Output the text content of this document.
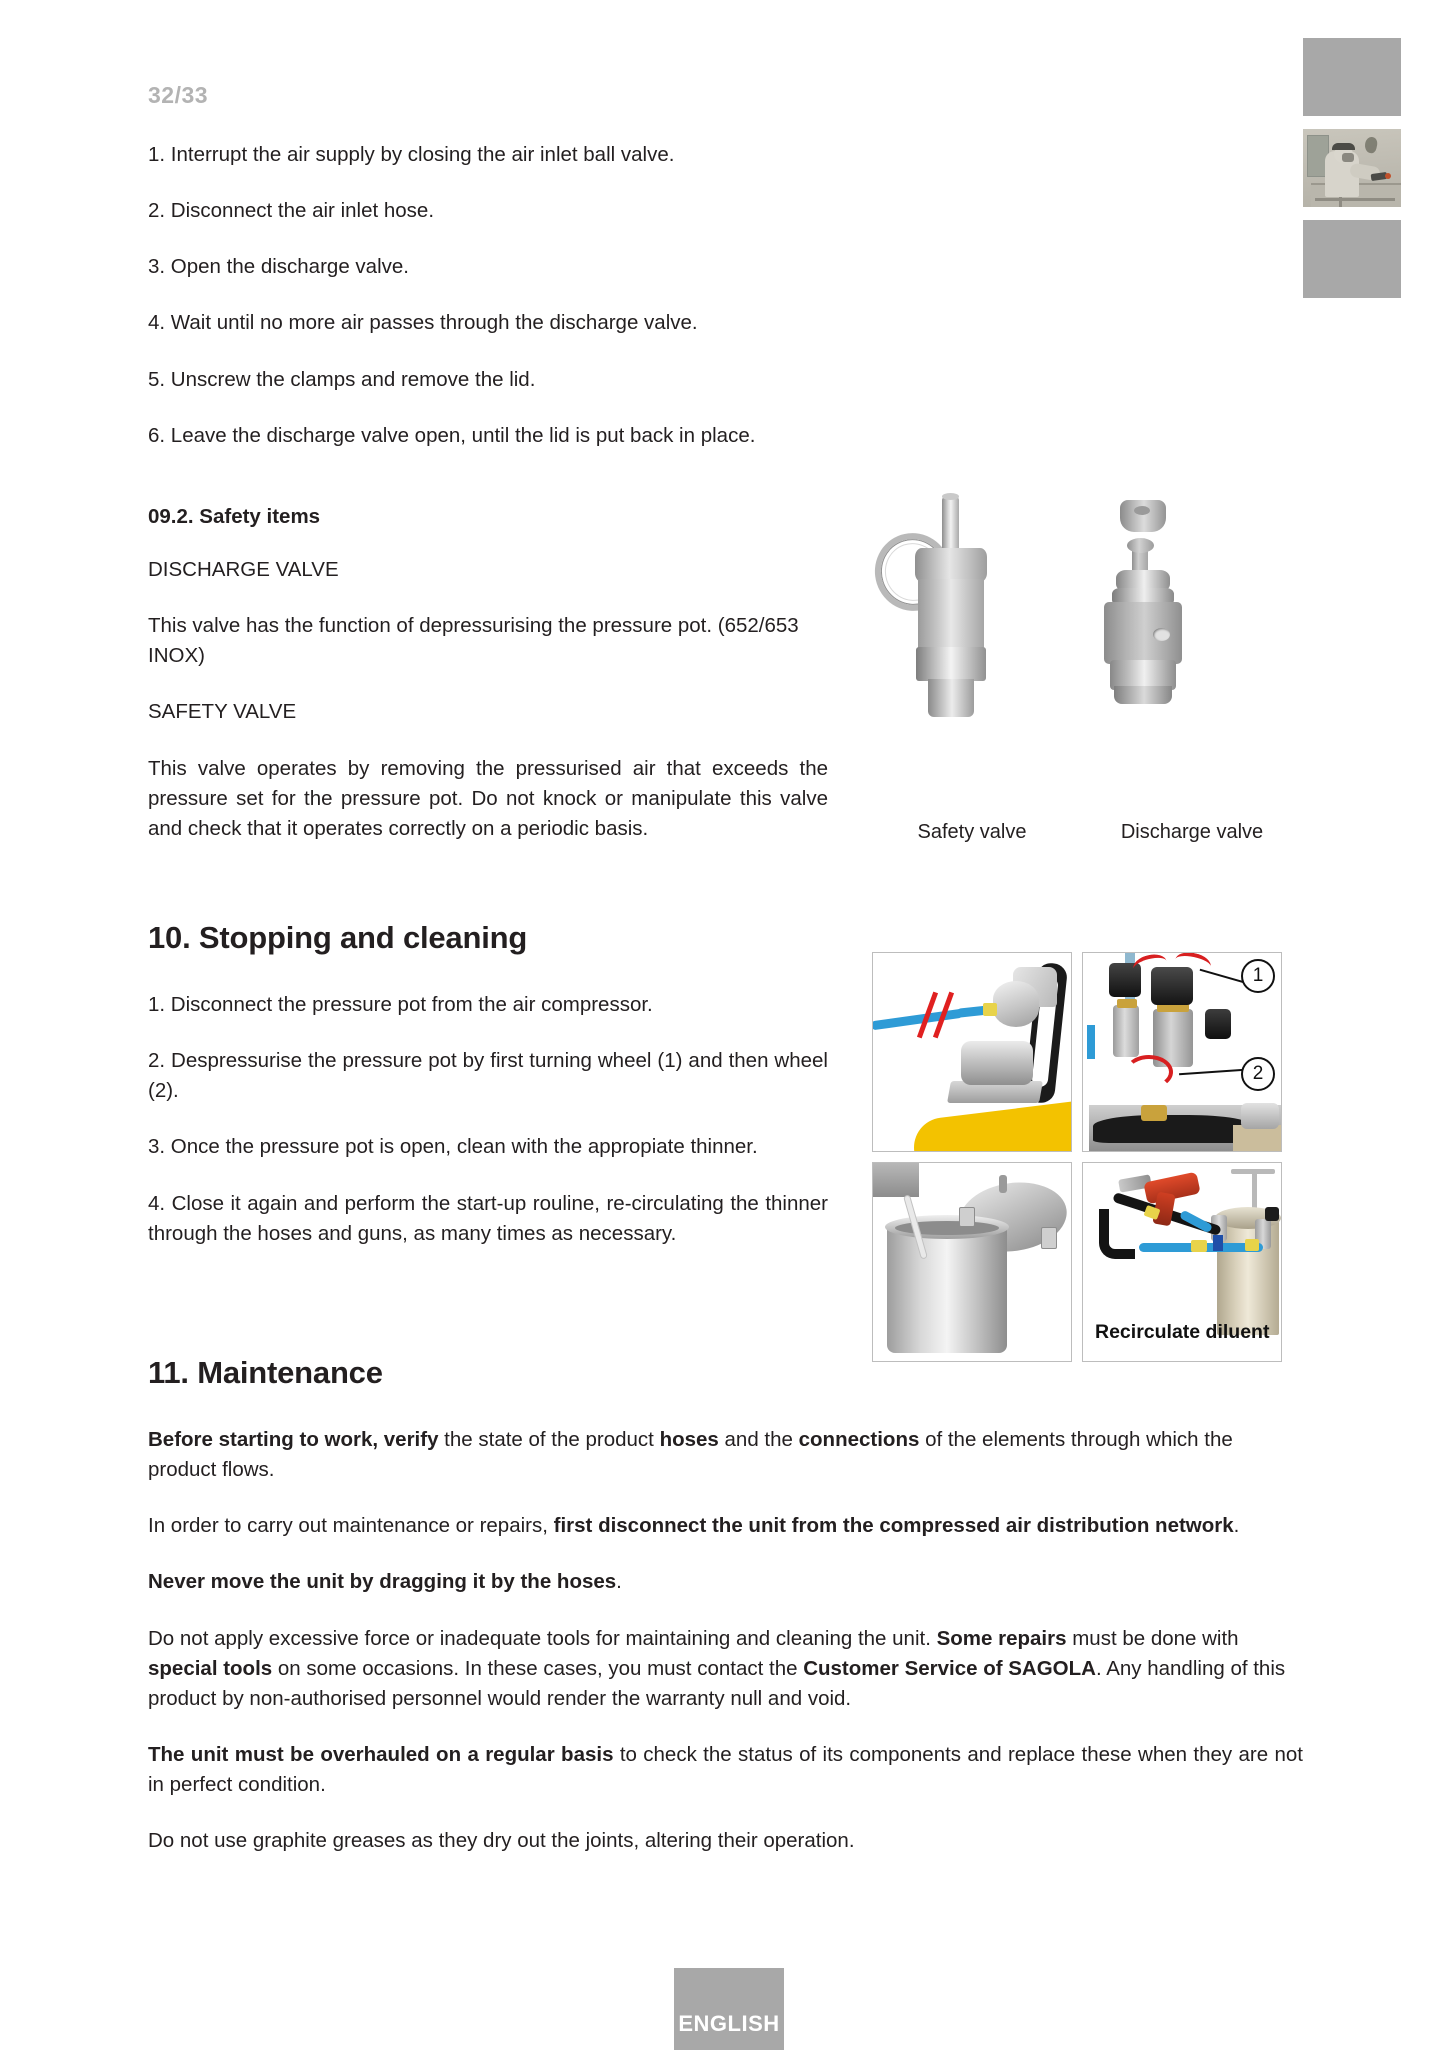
32/33

1. Interrupt the air supply by closing the air inlet ball valve.

2. Disconnect the air inlet hose.

3. Open the discharge valve.

4. Wait until no more air passes through the discharge valve.

5. Unscrew the clamps and remove the lid.

6. Leave the discharge valve open, until the lid is put back in place.

09.2. Safety items

DISCHARGE VALVE

This valve has the function of depressurising the pressure pot. (652/653 INOX)

SAFETY VALVE

This valve operates by removing the pressurised air that exceeds the pressure set for the pressure pot. Do not knock or manipulate this valve and check that it operates correctly on a periodic basis.	Safety valve	Discharge valve
10. Stopping and cleaning

1. Disconnect the pressure pot from the air compressor.

2. Despressurise the pressure pot by first turning wheel (1) and then wheel (2).

3. Once the pressure pot is open, clean with the appropiate thinner.

4. Close it again and perform the start-up rouline, re-circulating the thinner through the hoses and guns, as many times as necessary.

1
2
Recirculate diluent
11. Maintenance

Before starting to work, verify the state of the product hoses and the connections of the elements through which the product flows.

In order to carry out maintenance or repairs, first disconnect the unit from the compressed air distribution network.

Never move the unit by dragging it by the hoses.

Do not apply excessive force or inadequate tools for maintaining and cleaning the unit. Some repairs must be done with special tools on some occasions. In these cases, you must contact the Customer Service of SAGOLA. Any handling of this product by non-authorised personnel would render the warranty null and void.

The unit must be overhauled on a regular basis to check the status of its components and replace these when they are not in perfect condition.

Do not use graphite greases as they dry out the joints, altering their operation.

ENGLISH
